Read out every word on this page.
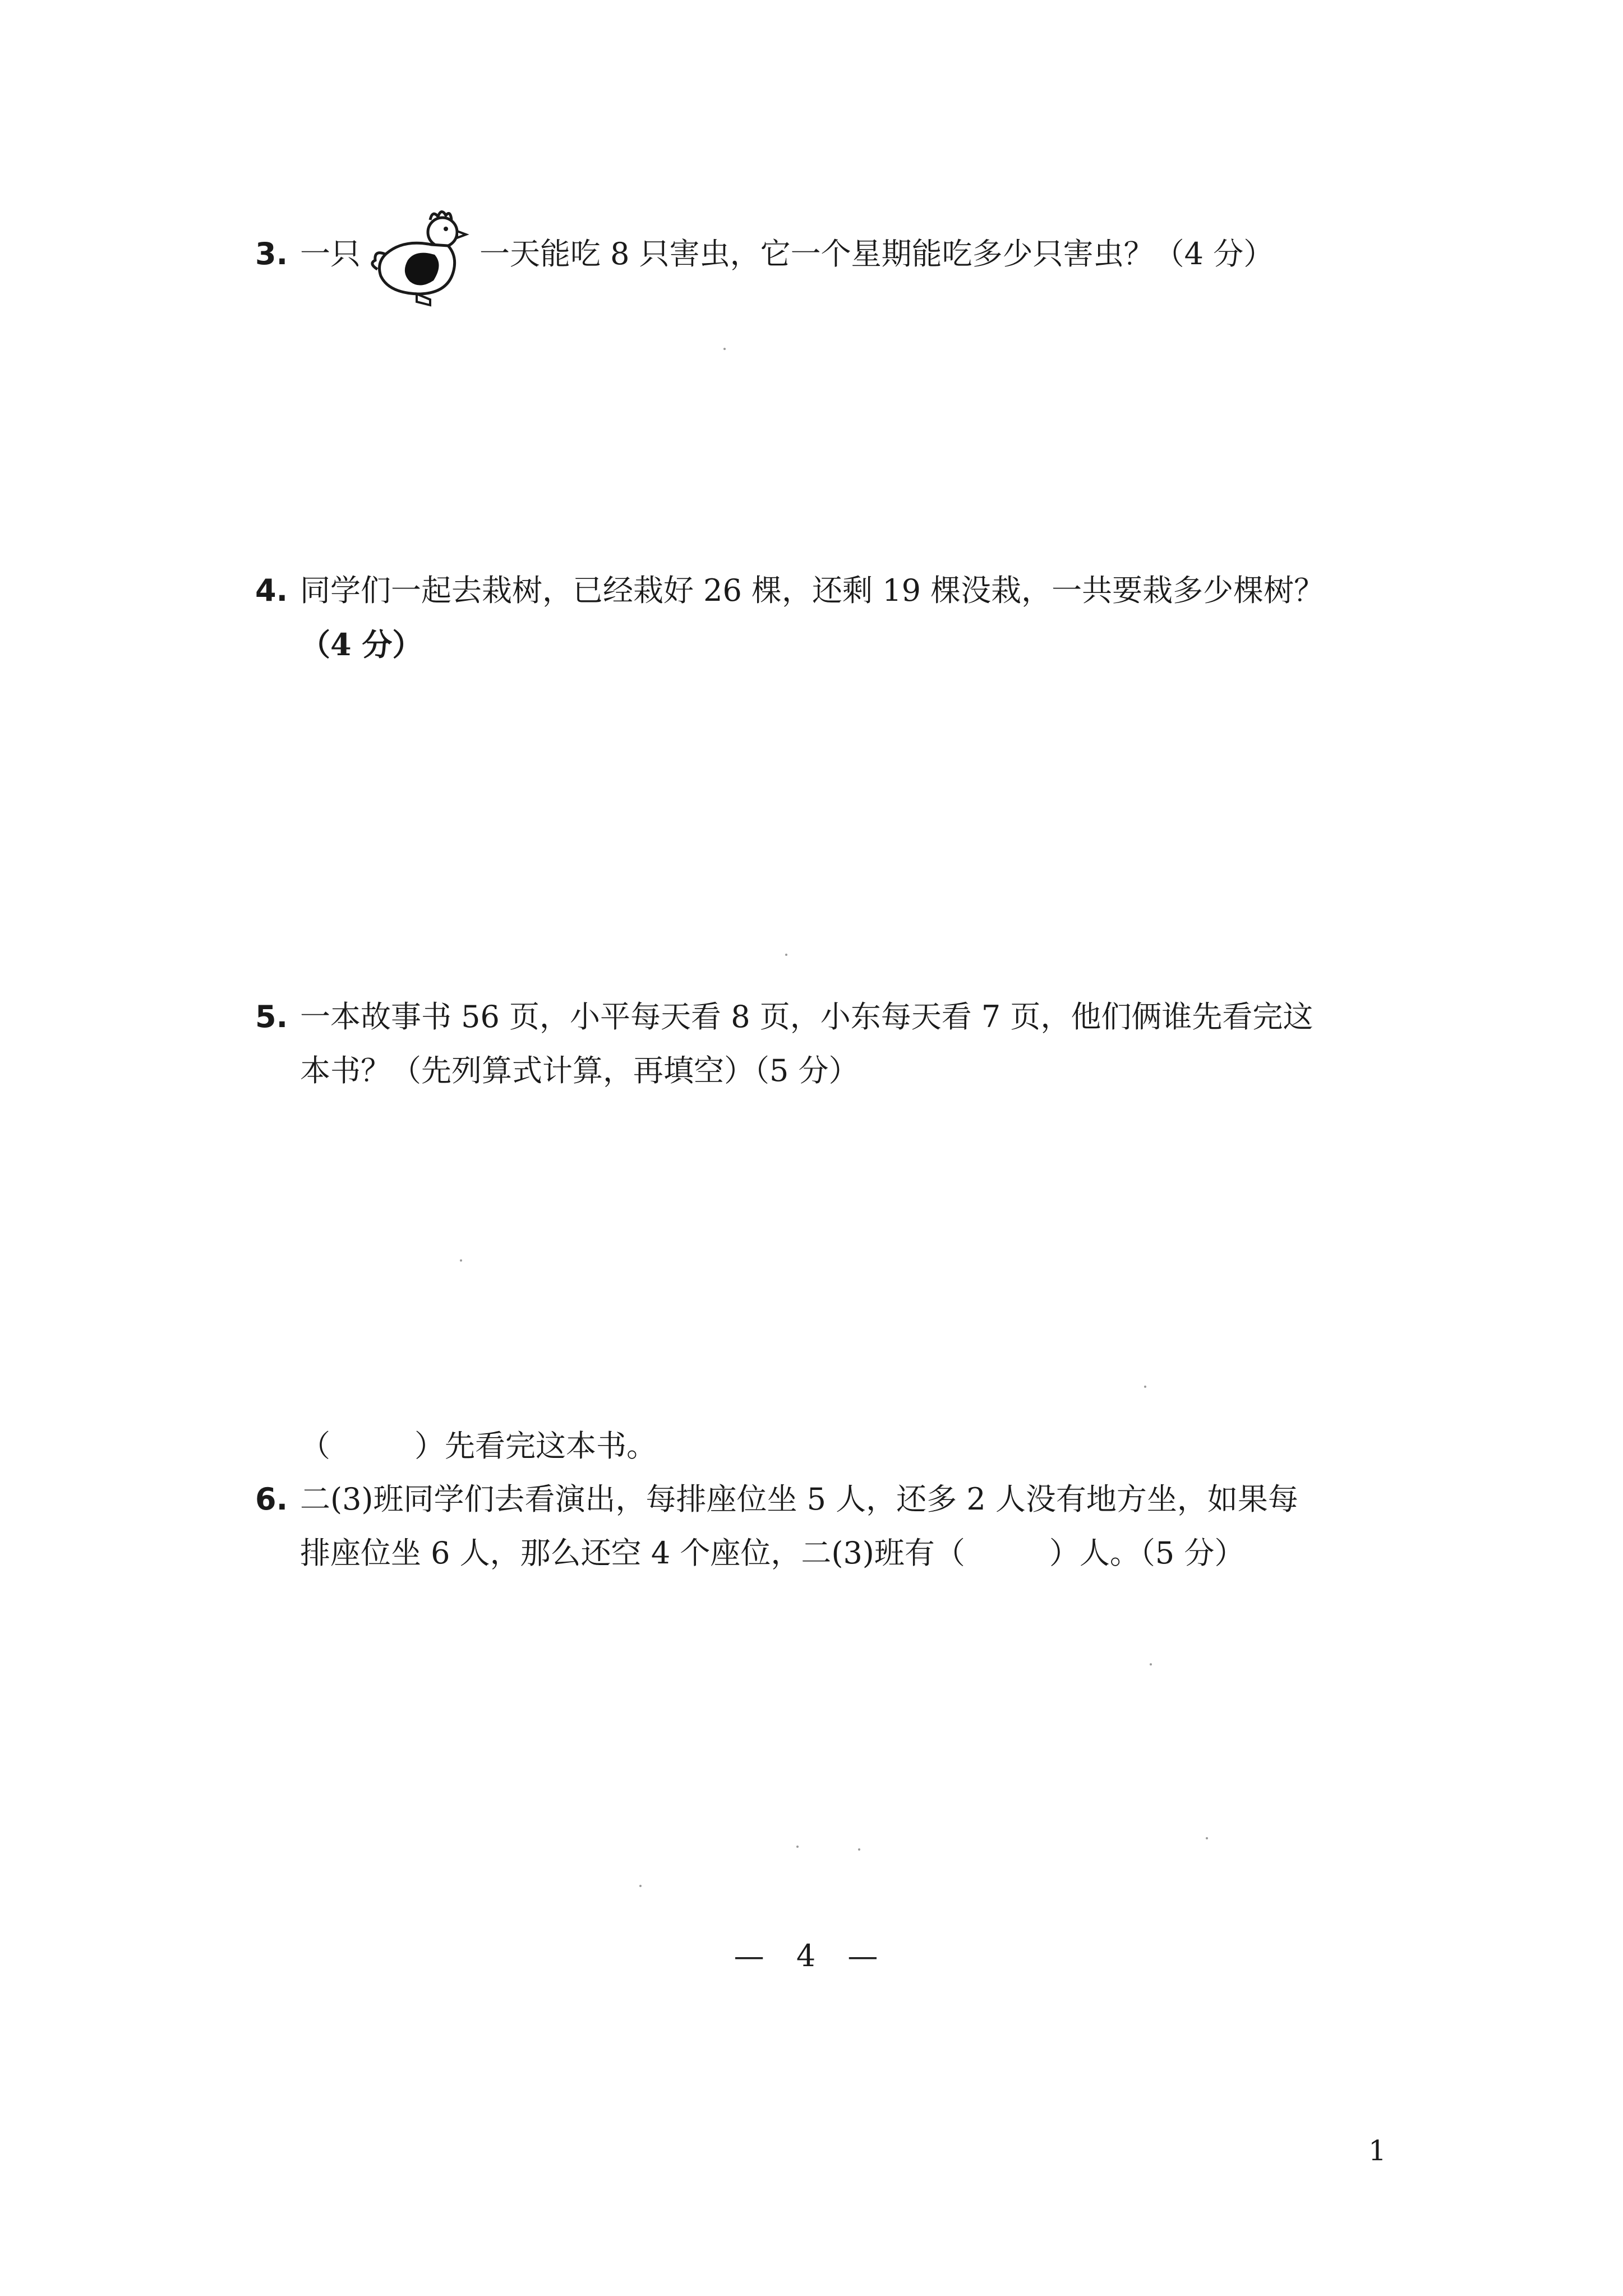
3. 一只	一天能吃 8 只害虫，它一个星期能吃多少只害虫？（4 分）
4. 同学们一起去栽树，已经栽好 26 棵，还剩 19 棵没栽，一共要栽多少棵树？
（4 分）
5. 一本故事书 56 页，小平每天看 8 页，小东每天看 7 页，他们俩谁先看完这
本书？（先列算式计算，再填空）（5 分）
（	）先看完这本书。
6. 二(3)班同学们去看演出，每排座位坐 5 人，还多 2 人没有地方坐，如果每
排座位坐 6 人，那么还空 4 个座位，二(3)班有（	）人。（5 分）
— 4 —
1
